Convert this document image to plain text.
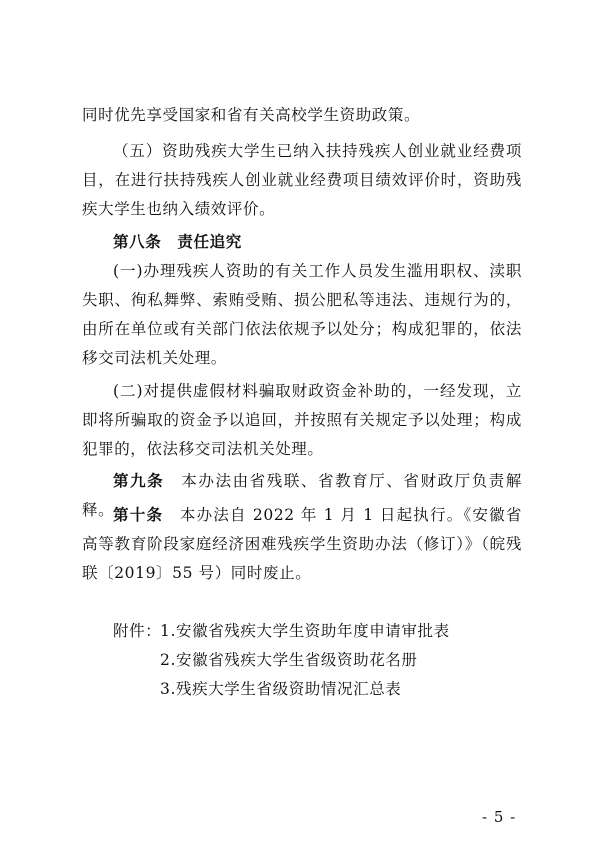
同时优先享受国家和省有关高校学生资助政策。

（五）资助残疾大学生已纳入扶持残疾人创业就业经费项目，在进行扶持残疾人创业就业经费项目绩效评价时，资助残疾大学生也纳入绩效评价。

第八条　责任追究

(一)办理残疾人资助的有关工作人员发生滥用职权、渎职失职、徇私舞弊、索贿受贿、损公肥私等违法、违规行为的，由所在单位或有关部门依法依规予以处分；构成犯罪的，依法移交司法机关处理。

(二)对提供虚假材料骗取财政资金补助的，一经发现，立即将所骗取的资金予以追回，并按照有关规定予以处理；构成犯罪的，依法移交司法机关处理。

第九条　本办法由省残联、省教育厅、省财政厅负责解释。

第十条　本办法自 2022 年 1 月 1 日起执行。《安徽省高等教育阶段家庭经济困难残疾学生资助办法（修订）》（皖残联〔2019〕55 号）同时废止。

附件：
1.安徽省残疾大学生资助年度申请审批表
2.安徽省残疾大学生省级资助花名册
3.残疾大学生省级资助情况汇总表
- 5 -
